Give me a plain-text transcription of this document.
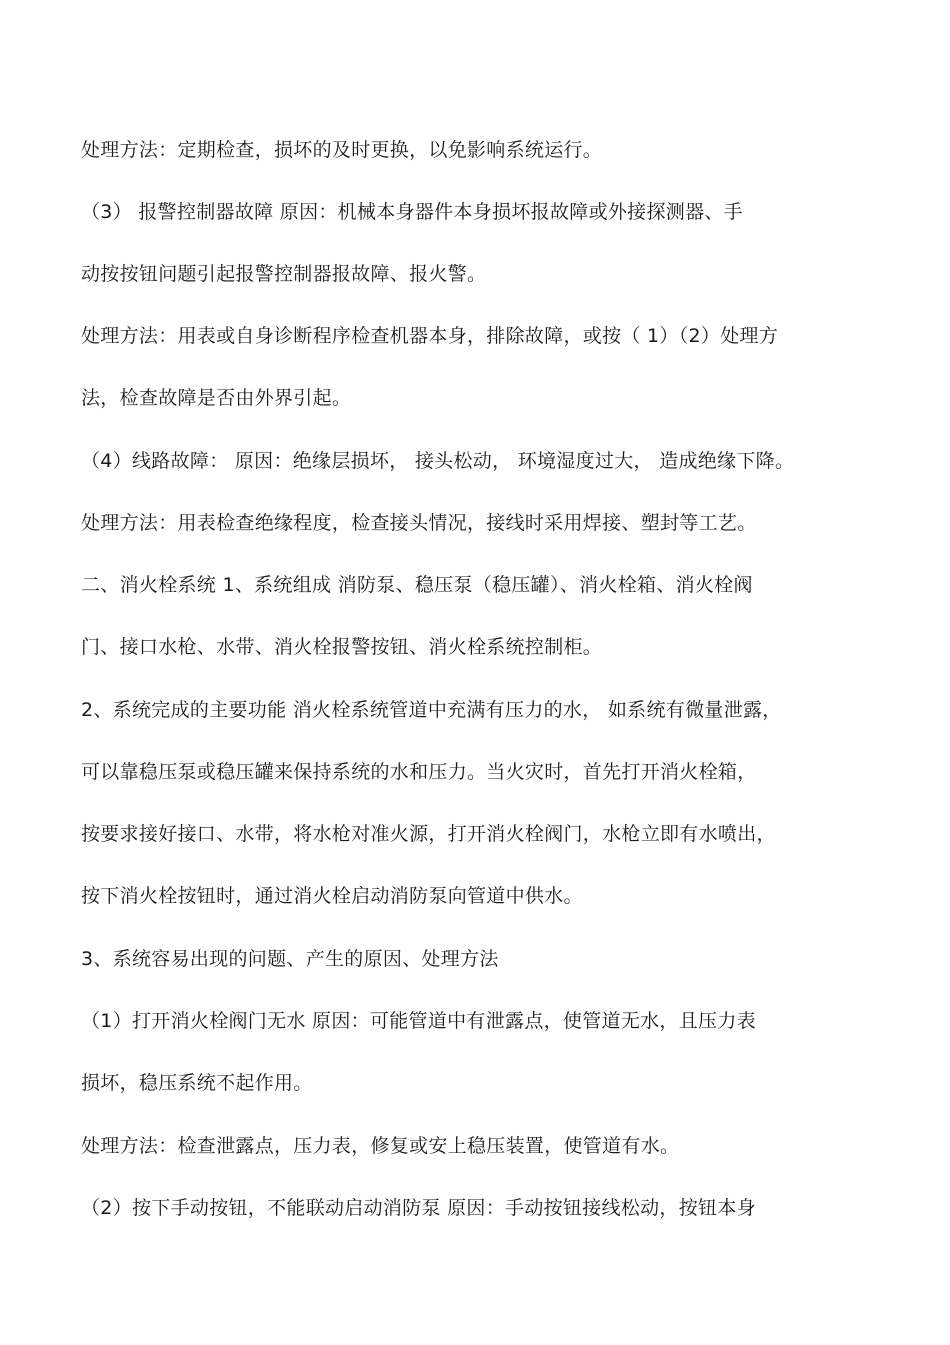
处理方法：定期检查，损坏的及时更换，以免影响系统运行。

（3） 报警控制器故障 原因：机械本身器件本身损坏报故障或外接探测器、手

动按按钮问题引起报警控制器报故障、报火警。

处理方法：用表或自身诊断程序检查机器本身，排除故障，或按（ 1）（2）处理方

法，检查故障是否由外界引起。

（4）线路故障： 原因：绝缘层损坏， 接头松动， 环境湿度过大， 造成绝缘下降。

处理方法：用表检查绝缘程度，检查接头情况，接线时采用焊接、塑封等工艺。

二、消火栓系统 1、系统组成 消防泵、稳压泵（稳压罐）、消火栓箱、消火栓阀

门、接口水枪、水带、消火栓报警按钮、消火栓系统控制柜。

2、系统完成的主要功能 消火栓系统管道中充满有压力的水， 如系统有微量泄露，

可以靠稳压泵或稳压罐来保持系统的水和压力。当火灾时，首先打开消火栓箱，

按要求接好接口、水带，将水枪对准火源，打开消火栓阀门，水枪立即有水喷出，

按下消火栓按钮时，通过消火栓启动消防泵向管道中供水。

3、系统容易出现的问题、产生的原因、处理方法

（1）打开消火栓阀门无水 原因：可能管道中有泄露点，使管道无水，且压力表

损坏，稳压系统不起作用。

处理方法：检查泄露点，压力表，修复或安上稳压装置，使管道有水。

（2）按下手动按钮，不能联动启动消防泵 原因：手动按钮接线松动，按钮本身
